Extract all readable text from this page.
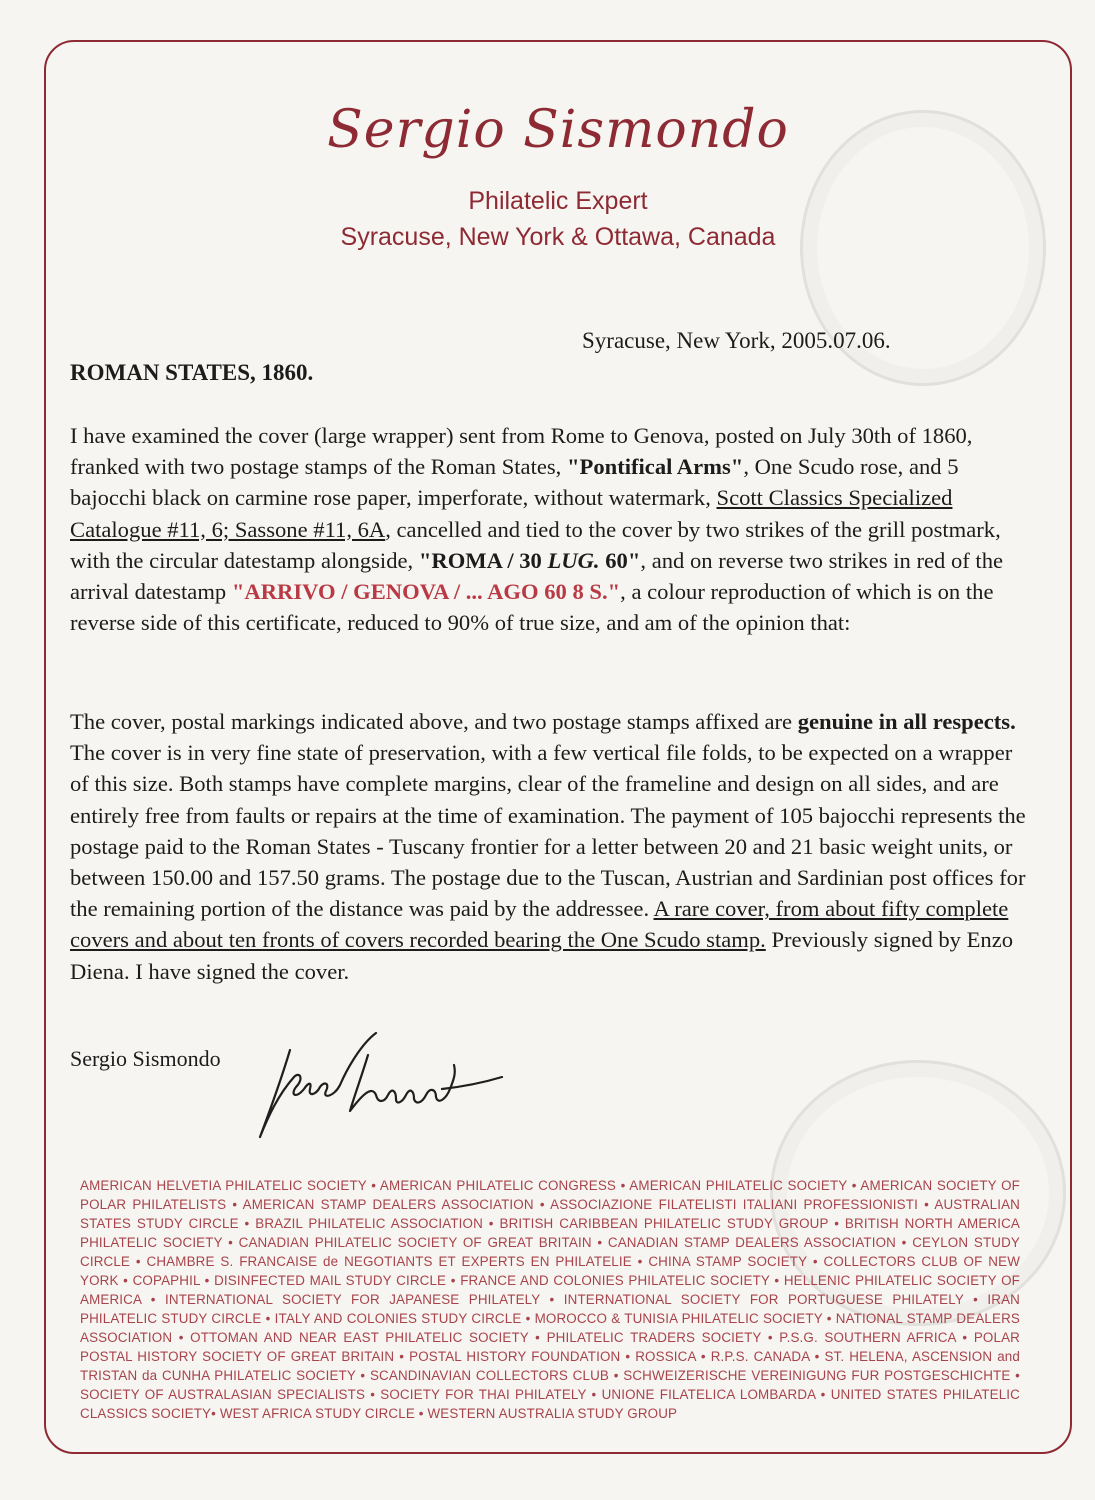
Sergio Sismondo
Philatelic Expert
Syracuse, New York & Ottawa, Canada
Syracuse, New York, 2005.07.06.
ROMAN STATES, 1860.

I have examined the cover (large wrapper) sent from Rome to Genova, posted on July 30th of 1860, franked with two postage stamps of the Roman States, "Pontifical Arms", One Scudo rose, and 5 bajocchi black on carmine rose paper, imperforate, without watermark, Scott Classics Specialized Catalogue #11, 6; Sassone #11, 6A, cancelled and tied to the cover by two strikes of the grill postmark, with the circular datestamp alongside, "ROMA / 30 LUG. 60", and on reverse two strikes in red of the arrival datestamp "ARRIVO / GENOVA / ... AGO 60 8 S.", a colour reproduction of which is on the reverse side of this certificate, reduced to 90% of true size, and am of the opinion that:

The cover, postal markings indicated above, and two postage stamps affixed are genuine in all respects. The cover is in very fine state of preservation, with a few vertical file folds, to be expected on a wrapper of this size. Both stamps have complete margins, clear of the frameline and design on all sides, and are entirely free from faults or repairs at the time of examination. The payment of 105 bajocchi represents the postage paid to the Roman States - Tuscany frontier for a letter between 20 and 21 basic weight units, or between 150.00 and 157.50 grams. The postage due to the Tuscan, Austrian and Sardinian post offices for the remaining portion of the distance was paid by the addressee. A rare cover, from about fifty complete covers and about ten fronts of covers recorded bearing the One Scudo stamp. Previously signed by Enzo Diena. I have signed the cover.

Sergio Sismondo
AMERICAN HELVETIA PHILATELIC SOCIETY • AMERICAN PHILATELIC CONGRESS • AMERICAN PHILATELIC SOCIETY • AMERICAN SOCIETY OF POLAR PHILATELISTS • AMERICAN STAMP DEALERS ASSOCIATION • ASSOCIAZIONE FILATELISTI ITALIANI PROFESSIONISTI • AUSTRALIAN STATES STUDY CIRCLE • BRAZIL PHILATELIC ASSOCIATION • BRITISH CARIBBEAN PHILATELIC STUDY GROUP • BRITISH NORTH AMERICA PHILATELIC SOCIETY • CANADIAN PHILATELIC SOCIETY OF GREAT BRITAIN • CANADIAN STAMP DEALERS ASSOCIATION • CEYLON STUDY CIRCLE • CHAMBRE S. FRANCAISE de NEGOTIANTS ET EXPERTS EN PHILATELIE • CHINA STAMP SOCIETY • COLLECTORS CLUB OF NEW YORK • COPAPHIL • DISINFECTED MAIL STUDY CIRCLE • FRANCE AND COLONIES PHILATELIC SOCIETY • HELLENIC PHILATELIC SOCIETY OF AMERICA • INTERNATIONAL SOCIETY FOR JAPANESE PHILATELY • INTERNATIONAL SOCIETY FOR PORTUGUESE PHILATELY • IRAN PHILATELIC STUDY CIRCLE • ITALY AND COLONIES STUDY CIRCLE • MOROCCO & TUNISIA PHILATELIC SOCIETY • NATIONAL STAMP DEALERS ASSOCIATION • OTTOMAN AND NEAR EAST PHILATELIC SOCIETY • PHILATELIC TRADERS SOCIETY • P.S.G. SOUTHERN AFRICA • POLAR POSTAL HISTORY SOCIETY OF GREAT BRITAIN • POSTAL HISTORY FOUNDATION • ROSSICA • R.P.S. CANADA • ST. HELENA, ASCENSION and TRISTAN da CUNHA PHILATELIC SOCIETY • SCANDINAVIAN COLLECTORS CLUB • SCHWEIZERISCHE VEREINIGUNG FUR POSTGESCHICHTE • SOCIETY OF AUSTRALASIAN SPECIALISTS • SOCIETY FOR THAI PHILATELY • UNIONE FILATELICA LOMBARDA • UNITED STATES PHILATELIC CLASSICS SOCIETY• WEST AFRICA STUDY CIRCLE • WESTERN AUSTRALIA STUDY GROUP
